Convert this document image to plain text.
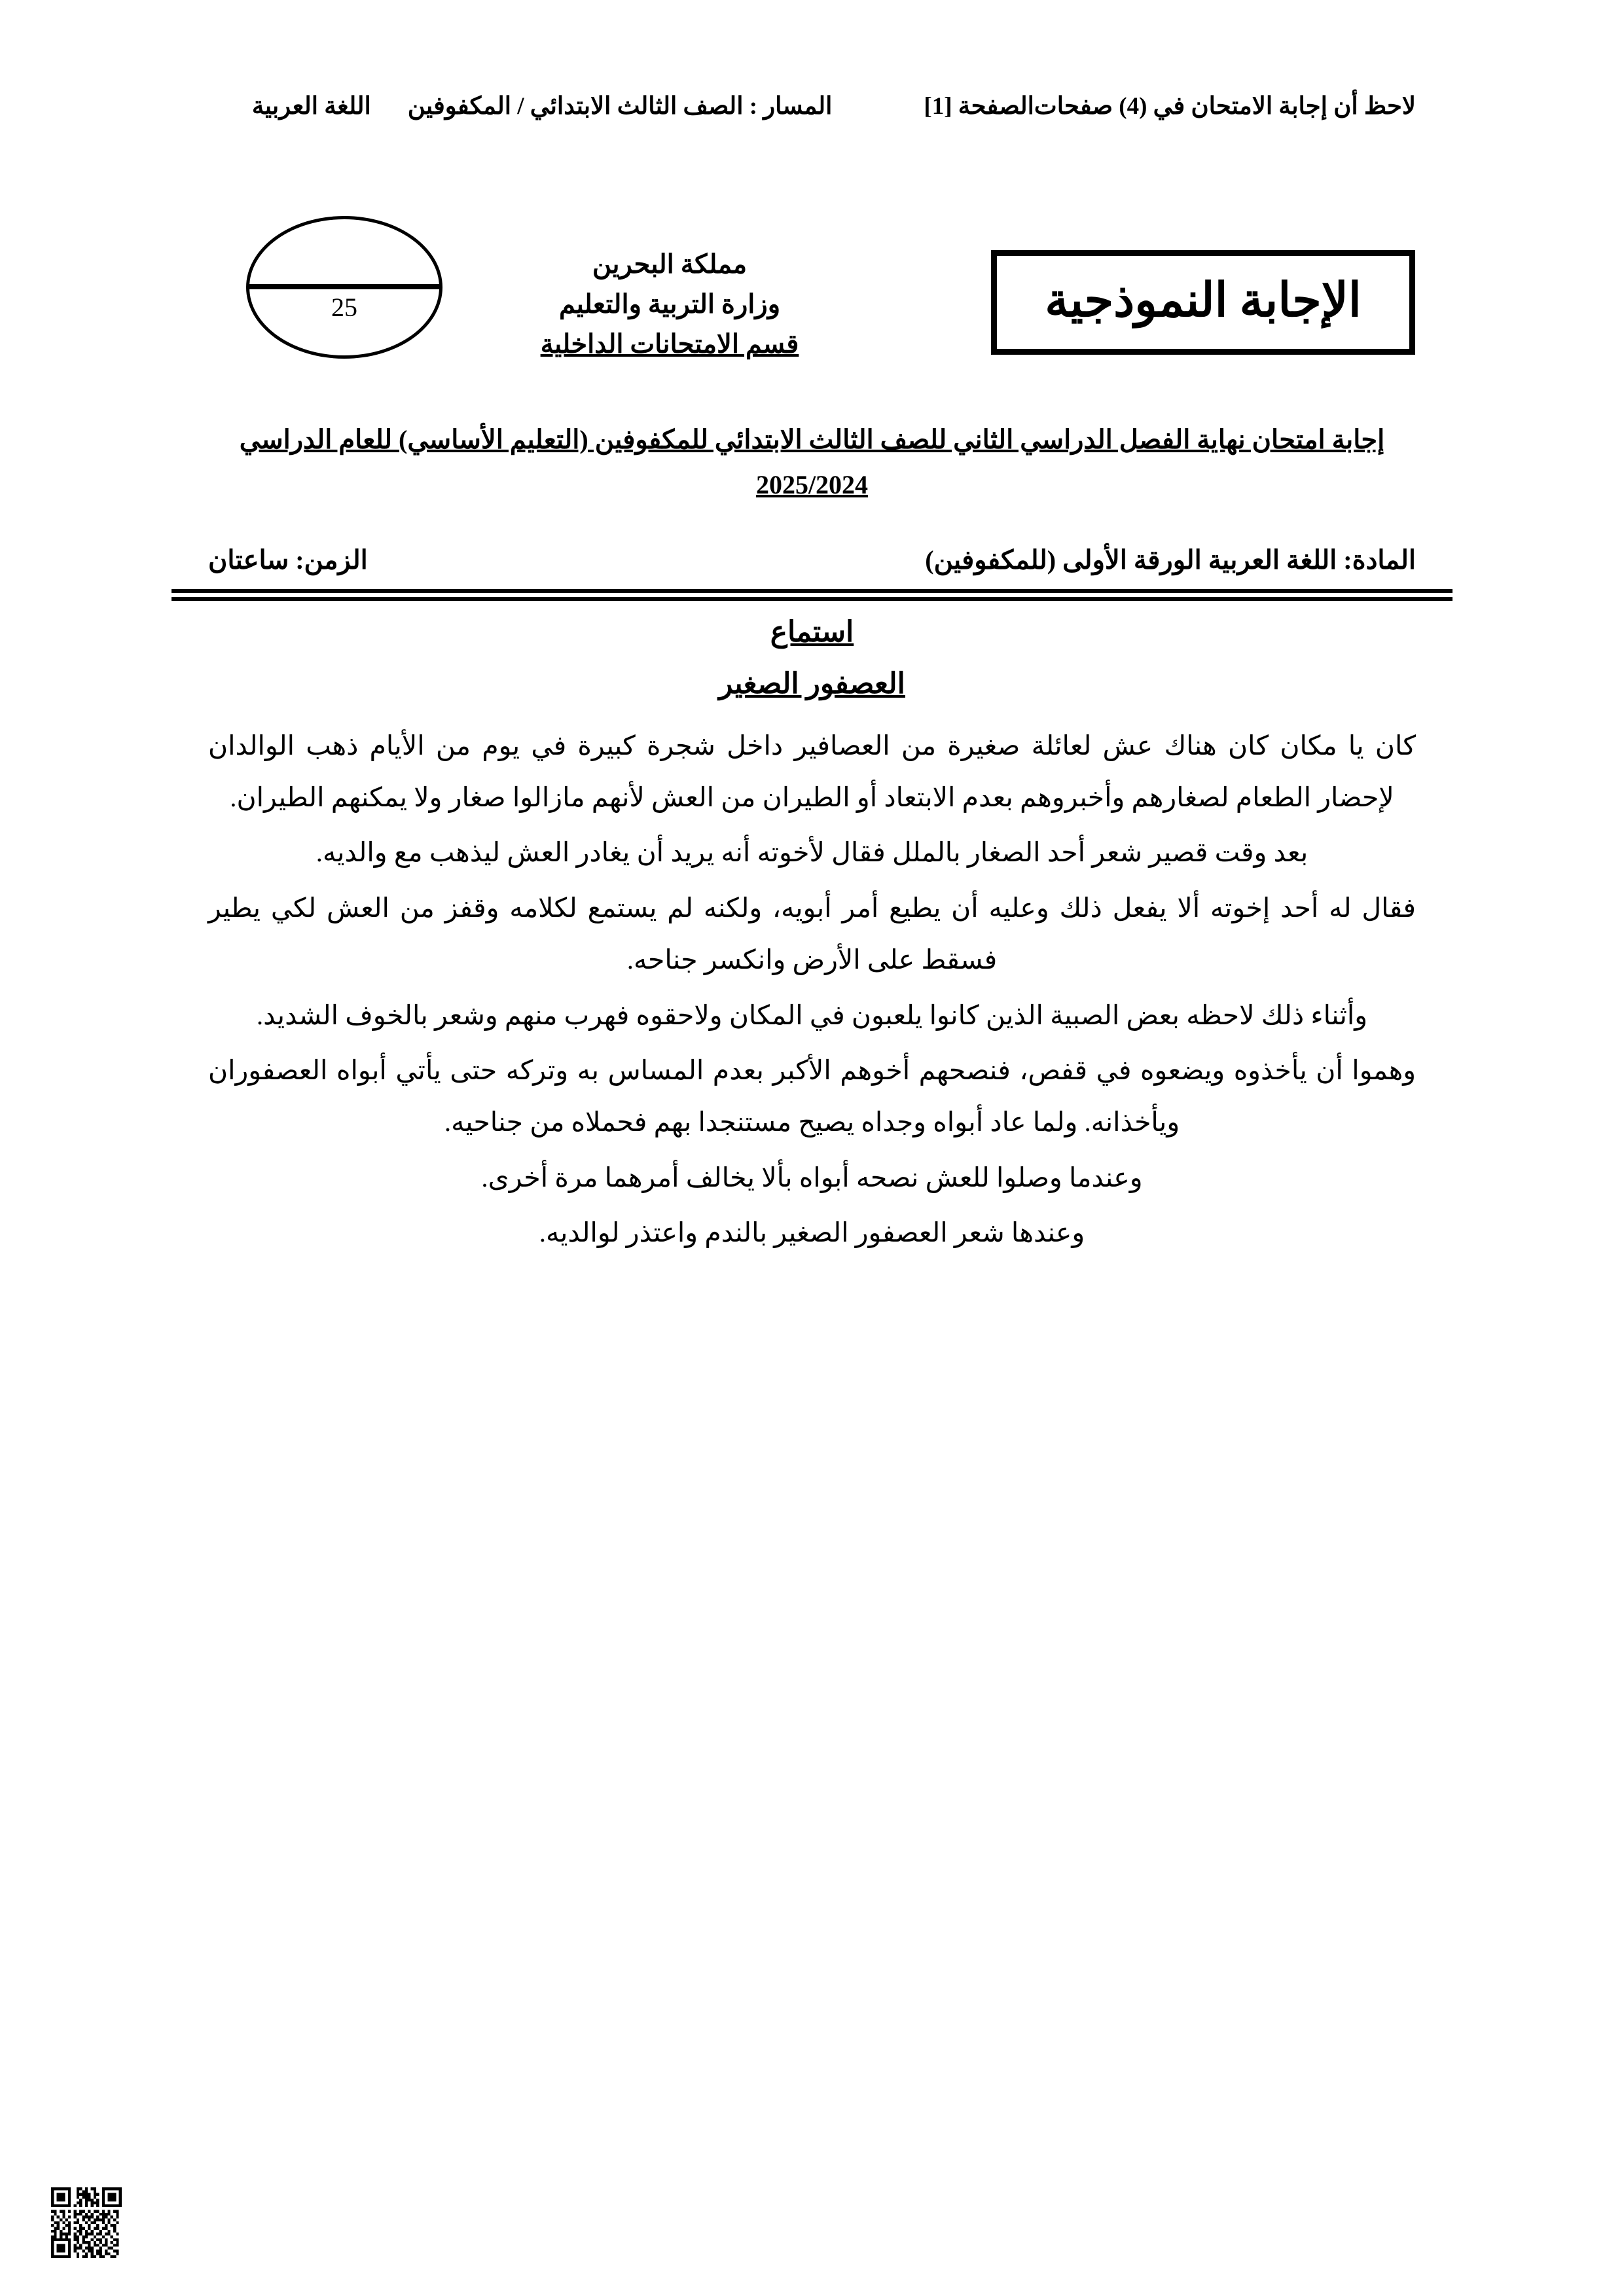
لاحظ أن إجابة الامتحان في (4) صفحات
الصفحة [1]
المسار : الصف الثالث الابتدائي / المكفوفين
اللغة العربية
الإجابة النموذجية
مملكة البحرين
وزارة التربية والتعليم
قسم الامتحانات الداخلية
25
إجابة امتحان نهاية الفصل الدراسي الثاني للصف الثالث الابتدائي للمكفوفين (التعليم الأساسي) للعام الدراسي
2025/2024
المادة: اللغة العربية الورقة الأولى (للمكفوفين)
الزمن: ساعتان
استماع
العصفور الصغير

كان يا مكان كان هناك عش لعائلة صغيرة من العصافير داخل شجرة كبيرة في يوم من الأيام ذهب الوالدان لإحضار الطعام لصغارهم وأخبروهم بعدم الابتعاد أو الطيران من العش لأنهم مازالوا صغار ولا يمكنهم الطيران.

بعد وقت قصير شعر أحد الصغار بالملل فقال لأخوته أنه يريد أن يغادر العش ليذهب مع والديه.

فقال له أحد إخوته ألا يفعل ذلك وعليه أن يطيع أمر أبويه، ولكنه لم يستمع لكلامه وقفز من العش لكي يطير فسقط على الأرض وانكسر جناحه.

وأثناء ذلك لاحظه بعض الصبية الذين كانوا يلعبون في المكان ولاحقوه فهرب منهم وشعر بالخوف الشديد.

وهموا أن يأخذوه ويضعوه في قفص، فنصحهم أخوهم الأكبر بعدم المساس به وتركه حتى يأتي أبواه العصفوران ويأخذانه. ولما عاد أبواه وجداه يصيح مستنجدا بهم فحملاه من جناحيه.

وعندما وصلوا للعش نصحه أبواه بألا يخالف أمرهما مرة أخرى.

وعندها شعر العصفور الصغير بالندم واعتذر لوالديه.
